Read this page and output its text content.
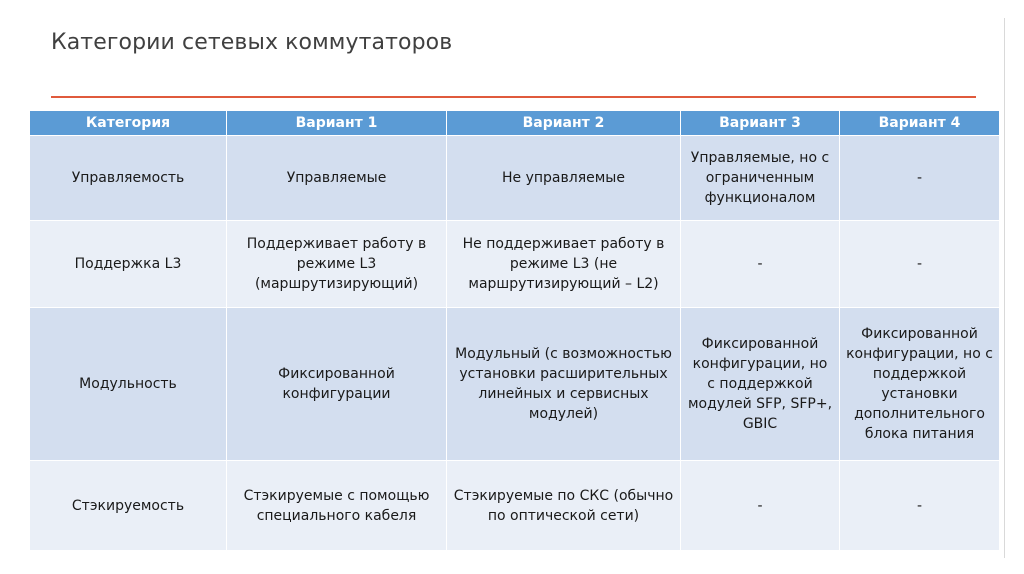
Категории сетевых коммутаторов
Категория	Вариант 1	Вариант 2	Вариант 3	Вариант 4
Управляемость	Управляемые	Не управляемые	Управляемые, но с ограниченным функционалом	-
Поддержка L3	Поддерживает работу в режиме L3 (маршрутизирующий)	Не поддерживает работу в режиме L3 (не маршрутизирующий – L2)	-	-
Модульность	Фиксированной конфигурации	Модульный (с возможностью установки расширительных линейных и сервисных модулей)	Фиксированной конфигурации, но с поддержкой модулей SFP, SFP+, GBIC	Фиксированной конфигурации, но с поддержкой установки дополнительного блока питания
Стэкируемость	Стэкируемые с помощью специального кабеля	Стэкируемые по СКС (обычно по оптической сети)	-	-
